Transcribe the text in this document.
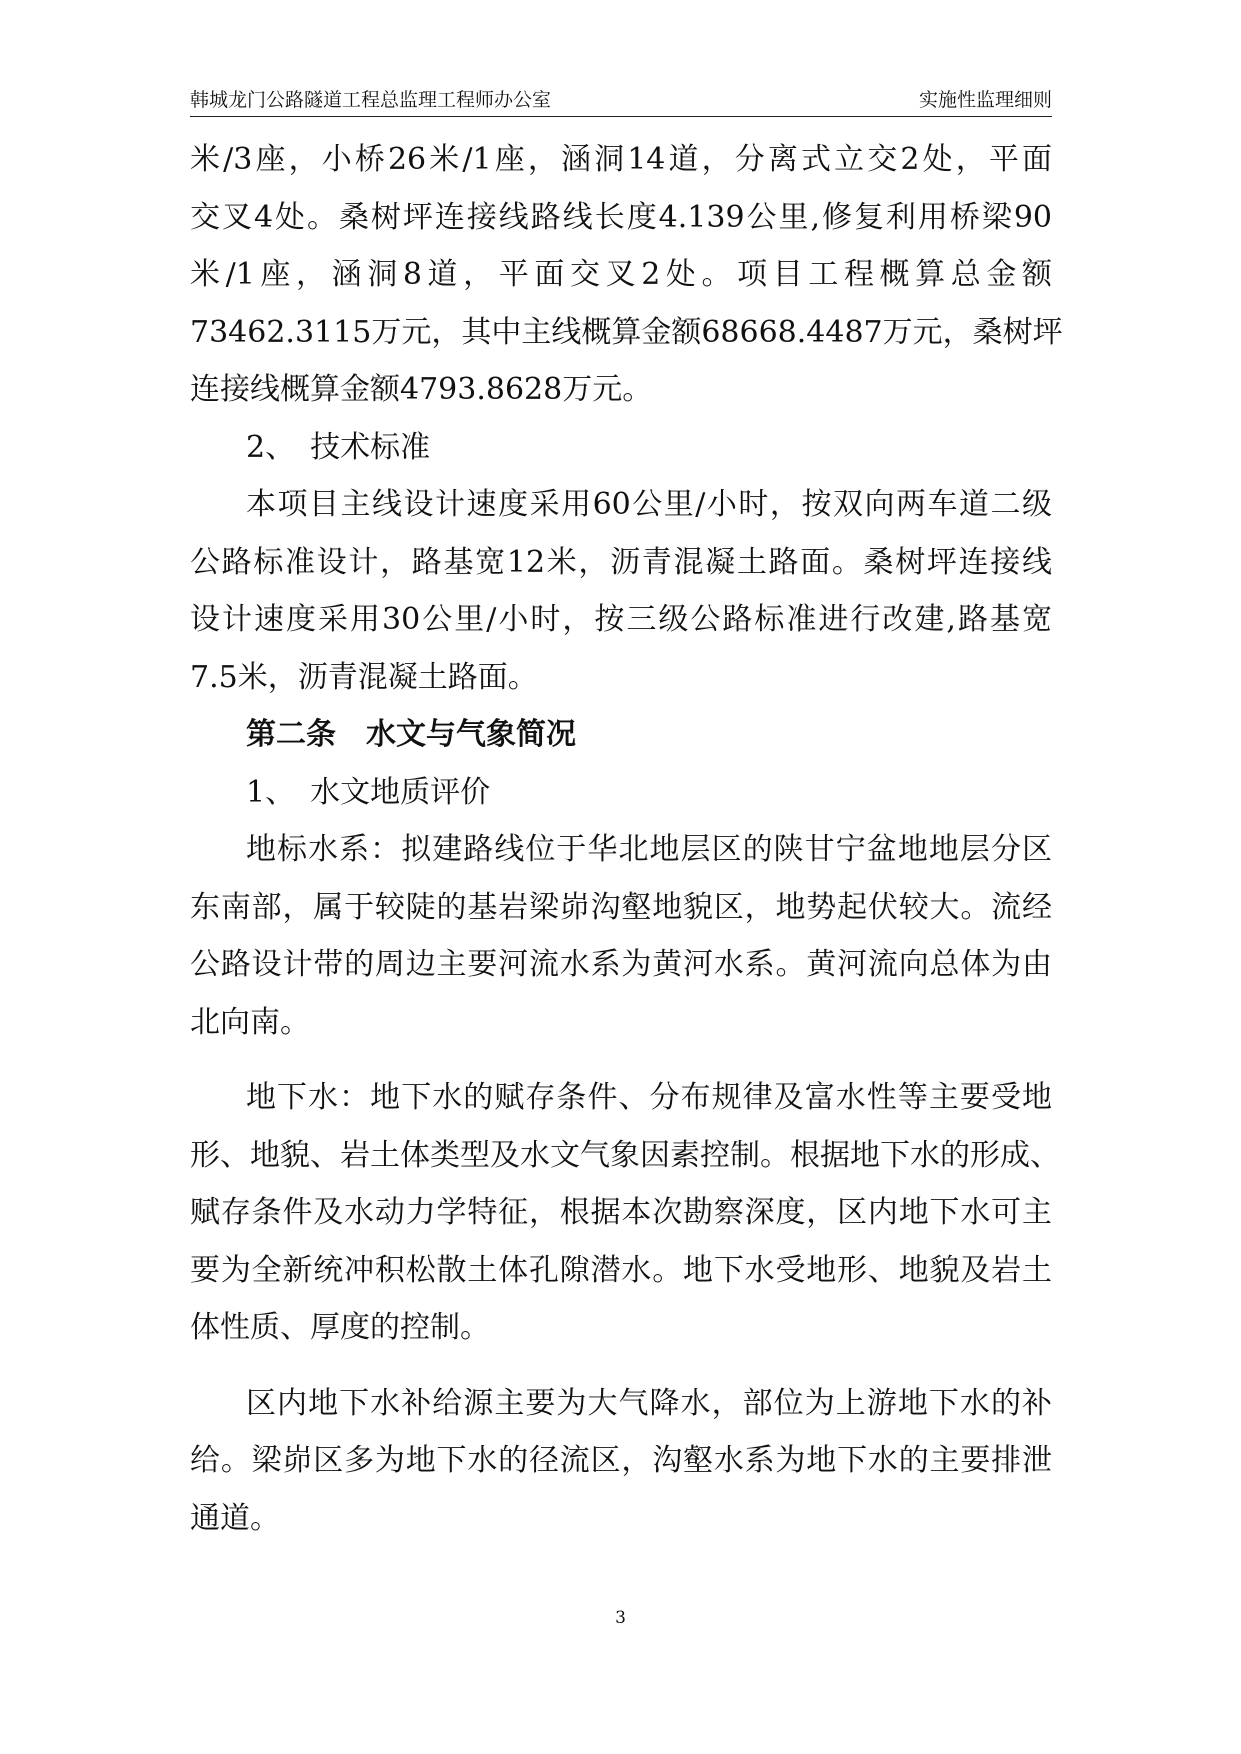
韩城龙门公路隧道工程总监理工程师办公室	实施性监理细则
米/3座，小桥26米/1座，涵洞14道，分离式立交2处，平面
交叉4处。桑树坪连接线路线长度4.139公里,修复利用桥梁90
米/1座，涵洞8道，平面交叉2处。项目工程概算总金额
73462.3115万元，其中主线概算金额68668.4487万元，桑树坪
连接线概算金额4793.8628万元。
2、　技术标准
本项目主线设计速度采用60公里/小时，按双向两车道二级
公路标准设计，路基宽12米，沥青混凝土路面。桑树坪连接线
设计速度采用30公里/小时，按三级公路标准进行改建,路基宽
7.5米，沥青混凝土路面。
第二条　水文与气象简况
1、　水文地质评价
地标水系：拟建路线位于华北地层区的陕甘宁盆地地层分区
东南部，属于较陡的基岩梁峁沟壑地貌区，地势起伏较大。流经
公路设计带的周边主要河流水系为黄河水系。黄河流向总体为由
北向南。
地下水：地下水的赋存条件、分布规律及富水性等主要受地
形、地貌、岩土体类型及水文气象因素控制。根据地下水的形成、
赋存条件及水动力学特征，根据本次勘察深度，区内地下水可主
要为全新统冲积松散土体孔隙潜水。地下水受地形、地貌及岩土
体性质、厚度的控制。
区内地下水补给源主要为大气降水，部位为上游地下水的补
给。梁峁区多为地下水的径流区，沟壑水系为地下水的主要排泄
通道。
3
